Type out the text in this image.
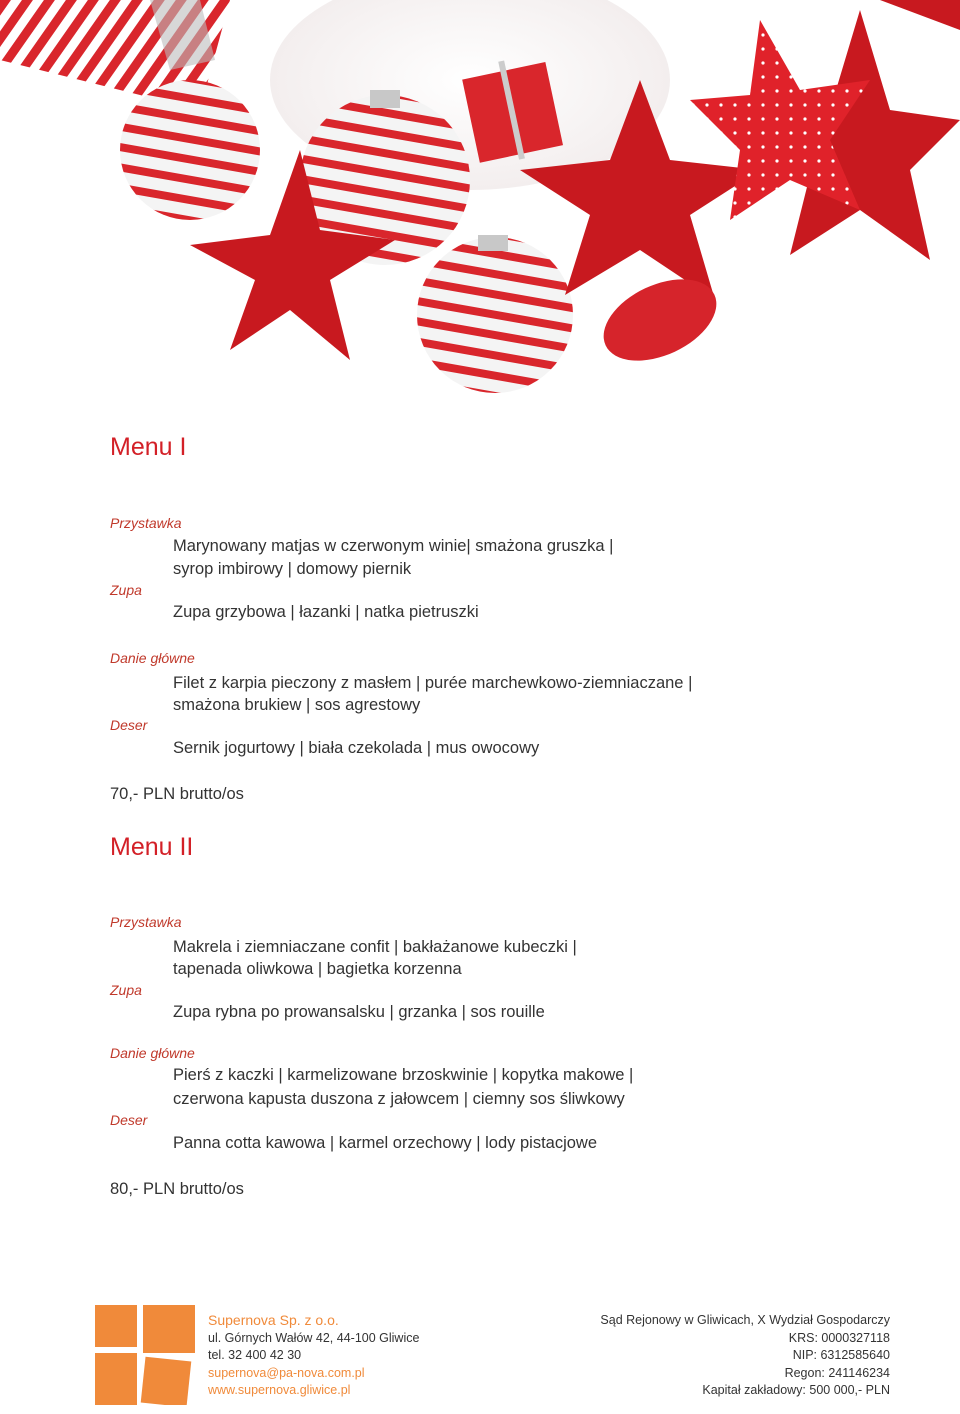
Menu I
Przystawka
Marynowany matjas w czerwonym winie| smażona gruszka |
syrop imbirowy | domowy piernik
Zupa
Zupa grzybowa | łazanki | natka pietruszki
Danie główne
Filet z karpia pieczony z masłem | purée marchewkowo-ziemniaczane |
smażona brukiew | sos agrestowy
Deser
Sernik jogurtowy | biała czekolada | mus owocowy
70,- PLN brutto/os
Menu II
Przystawka
Makrela i ziemniaczane confit | bakłażanowe kubeczki |
tapenada oliwkowa | bagietka korzenna
Zupa
Zupa rybna po prowansalsku | grzanka | sos rouille
Danie główne
Pierś z kaczki | karmelizowane brzoskwinie | kopytka makowe |
czerwona kapusta duszona z jałowcem | ciemny sos śliwkowy
Deser
Panna cotta kawowa | karmel orzechowy | lody pistacjowe
80,- PLN brutto/os
Supernova Sp. z o.o.
ul. Górnych Wałów 42, 44-100 Gliwice
tel. 32 400 42 30
supernova@pa-nova.com.pl
www.supernova.gliwice.pl
Sąd Rejonowy w Gliwicach, X Wydział Gospodarczy
KRS: 0000327118
NIP: 6312585640
Regon: 241146234
Kapitał zakładowy: 500 000,- PLN
